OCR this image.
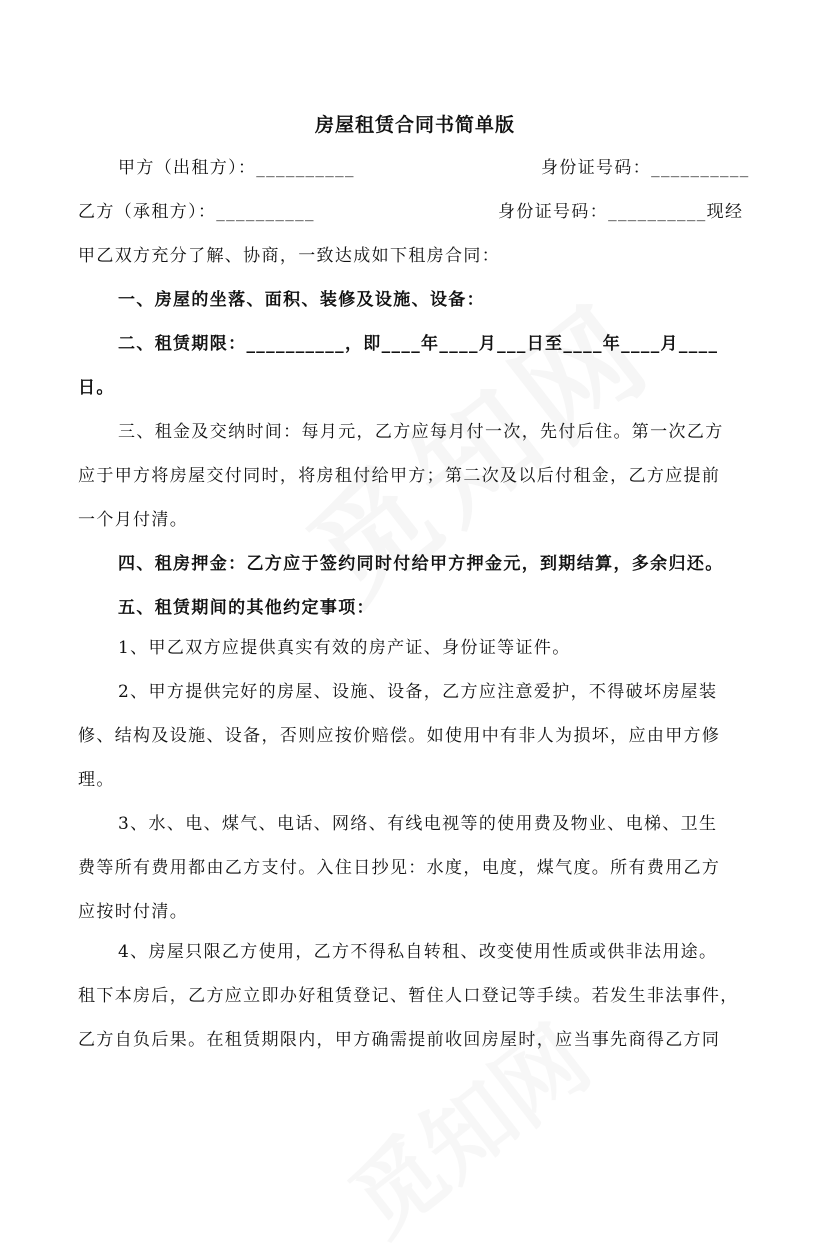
房屋租赁合同书简单版
甲方（出租方）：__________	身份证号码：__________
乙方（承租方）：__________	身份证号码：__________现经
甲乙双方充分了解、协商，一致达成如下租房合同：
一、房屋的坐落、面积、装修及设施、设备：
二、租赁期限：__________，即____年____月___日至____年____月____
日。
三、租金及交纳时间：每月元，乙方应每月付一次，先付后住。第一次乙方
应于甲方将房屋交付同时，将房租付给甲方；第二次及以后付租金，乙方应提前
一个月付清。
四、租房押金：乙方应于签约同时付给甲方押金元，到期结算，多余归还。
五、租赁期间的其他约定事项：
1、甲乙双方应提供真实有效的房产证、身份证等证件。
2、甲方提供完好的房屋、设施、设备，乙方应注意爱护，不得破坏房屋装
修、结构及设施、设备，否则应按价赔偿。如使用中有非人为损坏，应由甲方修
理。
3、水、电、煤气、电话、网络、有线电视等的使用费及物业、电梯、卫生
费等所有费用都由乙方支付。入住日抄见：水度，电度，煤气度。所有费用乙方
应按时付清。
4、房屋只限乙方使用，乙方不得私自转租、改变使用性质或供非法用途。
租下本房后，乙方应立即办好租赁登记、暂住人口登记等手续。若发生非法事件，
乙方自负后果。在租赁期限内，甲方确需提前收回房屋时，应当事先商得乙方同
